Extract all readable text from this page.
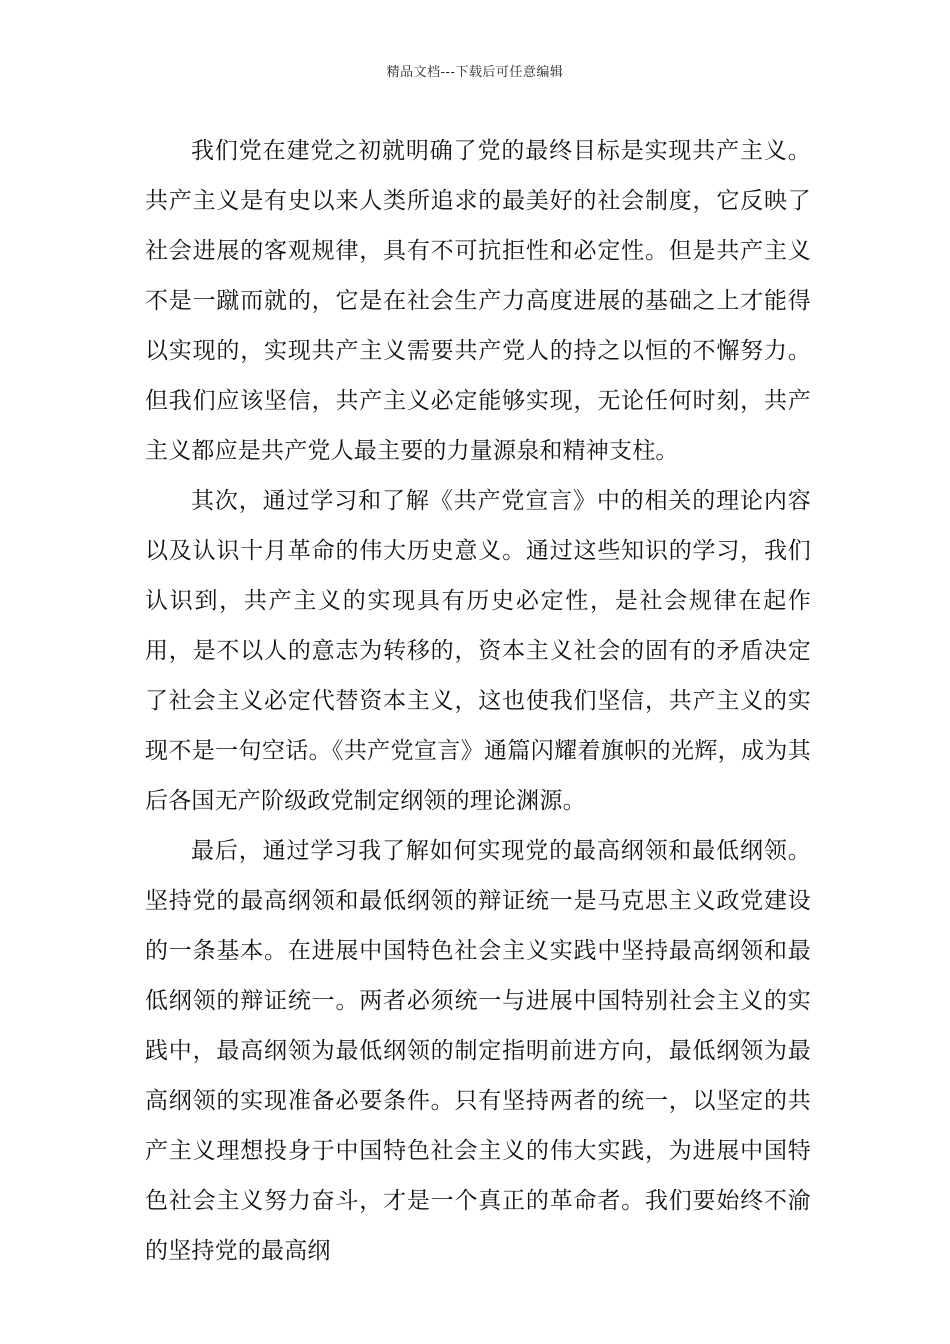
精品文档---下载后可任意编辑

我们党在建党之初就明确了党的最终目标是实现共产主义。共产主义是有史以来人类所追求的最美好的社会制度，它反映了社会进展的客观规律，具有不可抗拒性和必定性。但是共产主义不是一蹴而就的，它是在社会生产力高度进展的基础之上才能得以实现的，实现共产主义需要共产党人的持之以恒的不懈努力。但我们应该坚信，共产主义必定能够实现，无论任何时刻，共产主义都应是共产党人最主要的力量源泉和精神支柱。

其次，通过学习和了解《共产党宣言》中的相关的理论内容以及认识十月革命的伟大历史意义。通过这些知识的学习，我们认识到，共产主义的实现具有历史必定性，是社会规律在起作用，是不以人的意志为转移的，资本主义社会的固有的矛盾决定了社会主义必定代替资本主义，这也使我们坚信，共产主义的实现不是一句空话。《共产党宣言》通篇闪耀着旗帜的光辉，成为其后各国无产阶级政党制定纲领的理论渊源。

最后，通过学习我了解如何实现党的最高纲领和最低纲领。坚持党的最高纲领和最低纲领的辩证统一是马克思主义政党建设的一条基本。在进展中国特色社会主义实践中坚持最高纲领和最低纲领的辩证统一。两者必须统一与进展中国特别社会主义的实践中，最高纲领为最低纲领的制定指明前进方向，最低纲领为最高纲领的实现准备必要条件。只有坚持两者的统一，以坚定的共产主义理想投身于中国特色社会主义的伟大实践，为进展中国特色社会主义努力奋斗，才是一个真正的革命者。我们要始终不渝的坚持党的最高纲
